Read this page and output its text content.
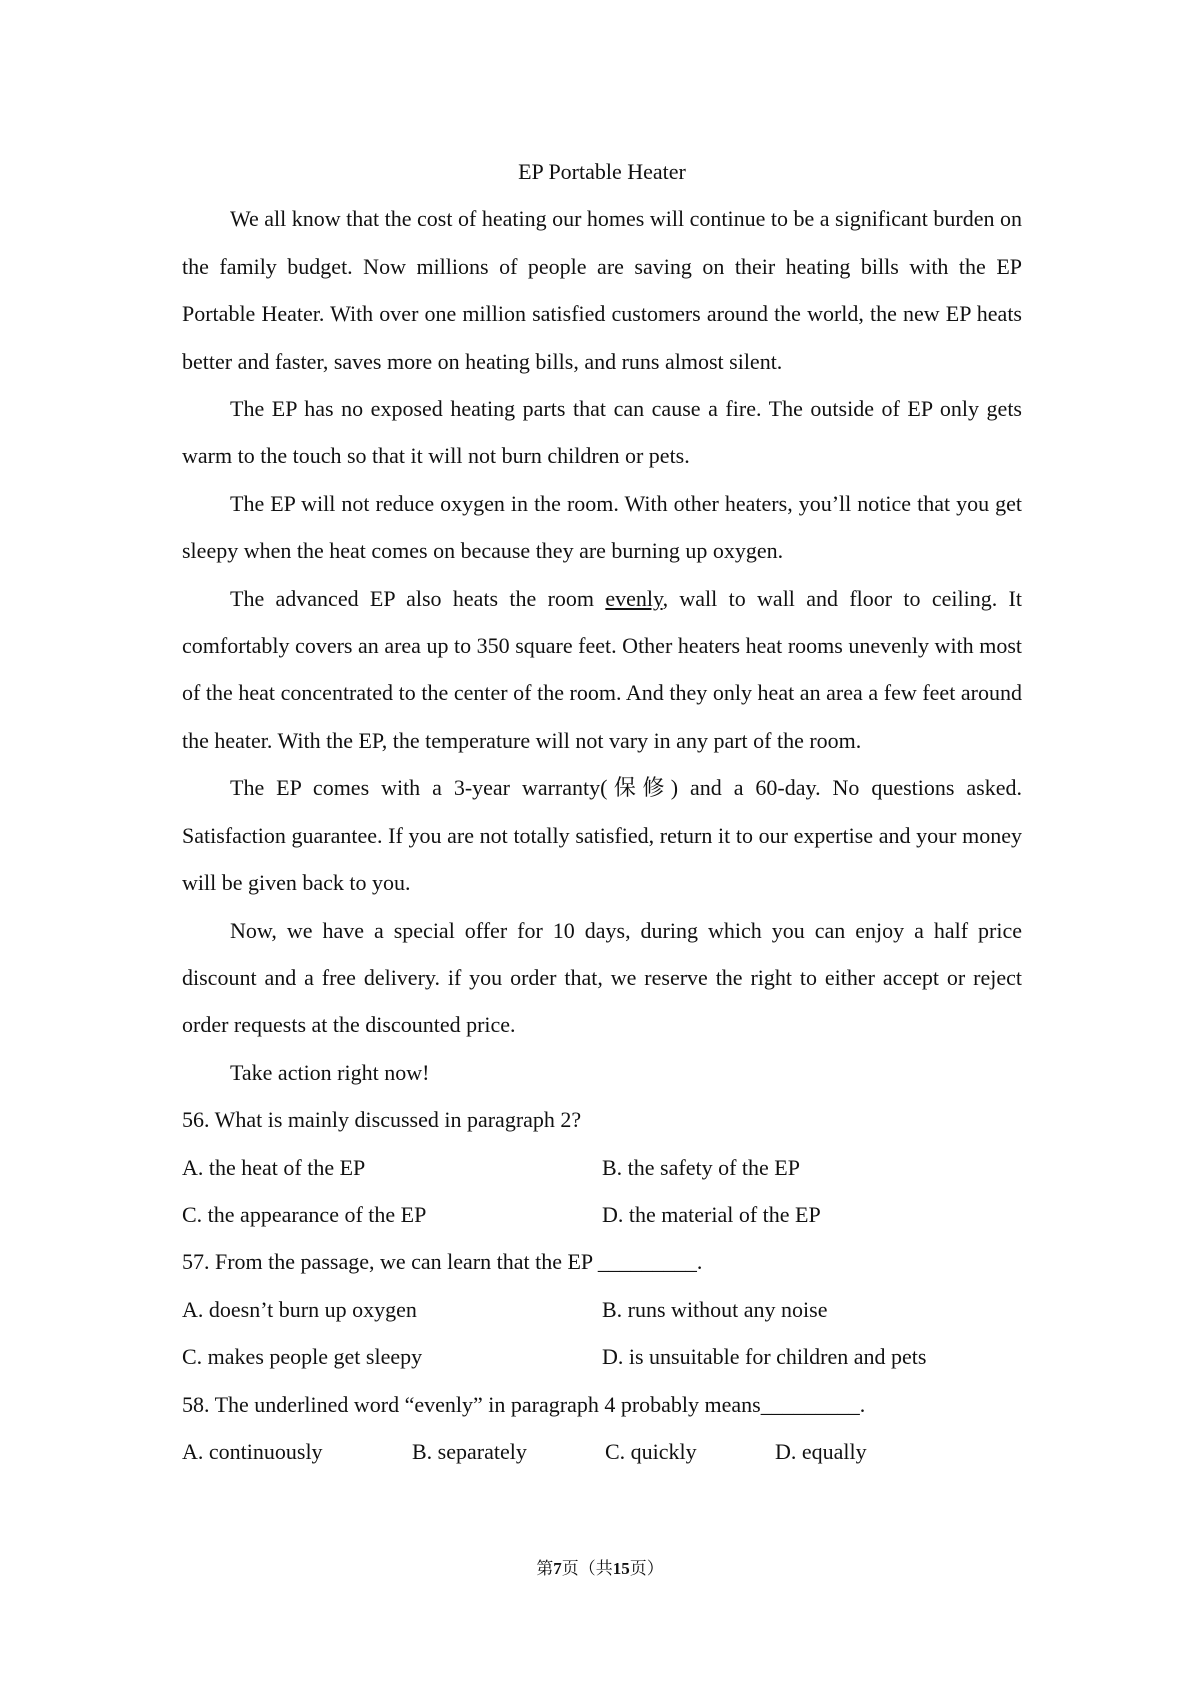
EP Portable Heater

We all know that the cost of heating our homes will continue to be a significant burden on the family budget. Now millions of people are saving on their heating bills with the EP Portable Heater. With over one million satisfied customers around the world, the new EP heats better and faster, saves more on heating bills, and runs almost silent.

The EP has no exposed heating parts that can cause a fire. The outside of EP only gets warm to the touch so that it will not burn children or pets.

The EP will not reduce oxygen in the room. With other heaters, you’ll notice that you get sleepy when the heat comes on because they are burning up oxygen.

The advanced EP also heats the room evenly, wall to wall and floor to ceiling. It comfortably covers an area up to 350 square feet. Other heaters heat rooms unevenly with most of the heat concentrated to the center of the room. And they only heat an area a few feet around the heater. With the EP, the temperature will not vary in any part of the room.

The EP comes with a 3-year warranty(保修) and a 60-day. No questions asked. Satisfaction guarantee. If you are not totally satisfied, return it to our expertise and your money will be given back to you.

Now, we have a special offer for 10 days, during which you can enjoy a half price discount and a free delivery. if you order that, we reserve the right to either accept or reject order requests at the discounted price.

Take action right now!

56. What is mainly discussed in paragraph 2?

A. the heat of the EP	B. the safety of the EP
C. the appearance of the EP	D. the material of the EP

57. From the passage, we can learn that the EP _________.

A. doesn’t burn up oxygen	B. runs without any noise
C. makes people get sleepy	D. is unsuitable for children and pets

58. The underlined word “evenly” in paragraph 4 probably means_________.

A. continuously	B. separately	C. quickly	D. equally
第7页（共15页）
